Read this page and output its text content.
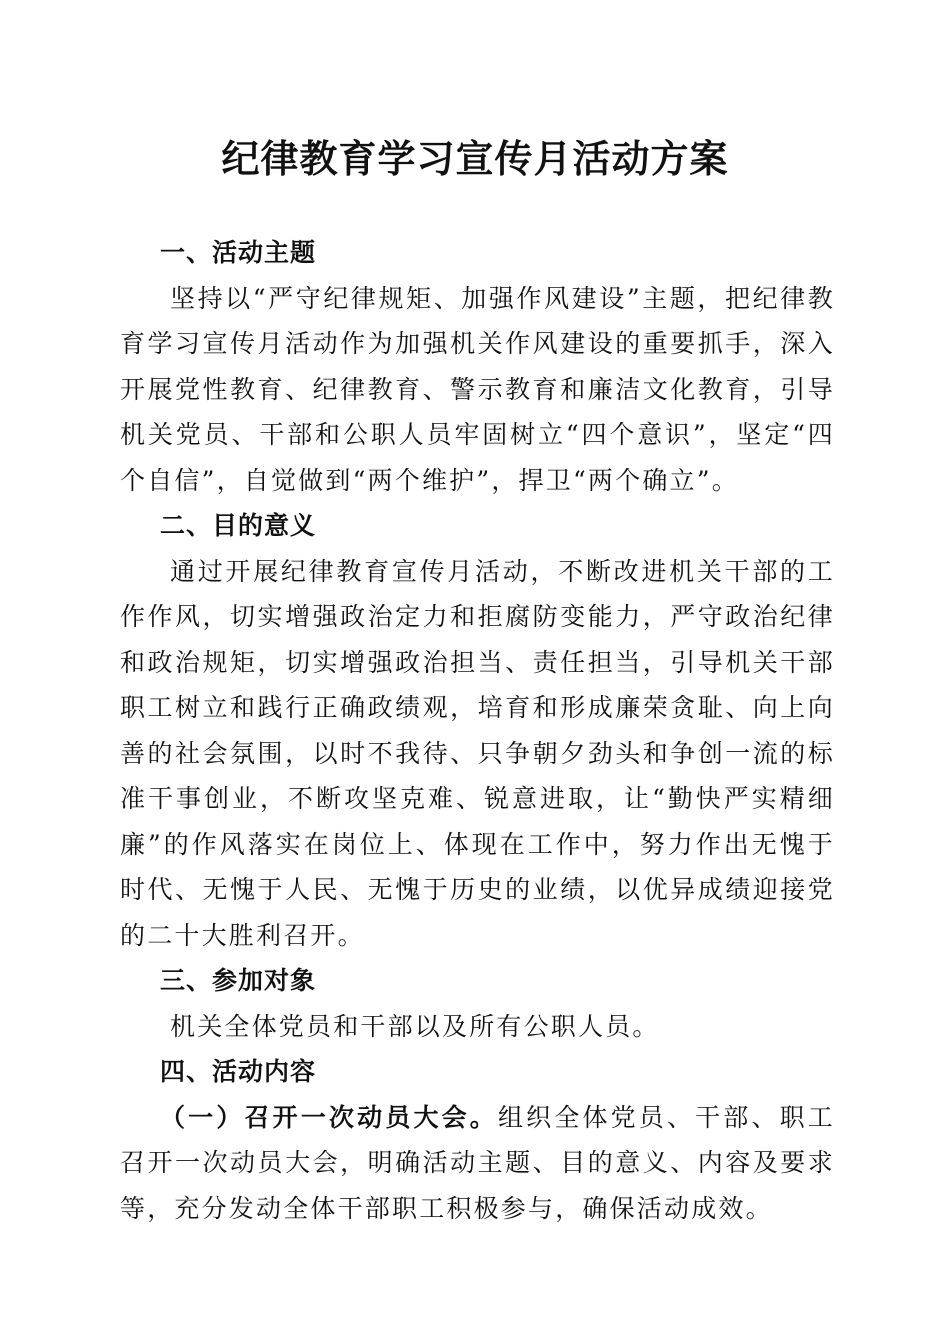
纪律教育学习宣传月活动方案
一、活动主题

坚持以“严守纪律规矩、加强作风建设”主题，把纪律教育学习宣传月活动作为加强机关作风建设的重要抓手，深入开展党性教育、纪律教育、警示教育和廉洁文化教育，引导机关党员、干部和公职人员牢固树立“四个意识”，坚定“四个自信”，自觉做到“两个维护”，捍卫“两个确立”。

二、目的意义

通过开展纪律教育宣传月活动，不断改进机关干部的工作作风，切实增强政治定力和拒腐防变能力，严守政治纪律和政治规矩，切实增强政治担当、责任担当，引导机关干部职工树立和践行正确政绩观，培育和形成廉荣贪耻、向上向善的社会氛围，以时不我待、只争朝夕劲头和争创一流的标准干事创业，不断攻坚克难、锐意进取，让“勤快严实精细廉”的作风落实在岗位上、体现在工作中，努力作出无愧于时代、无愧于人民、无愧于历史的业绩，以优异成绩迎接党的二十大胜利召开。

三、参加对象

机关全体党员和干部以及所有公职人员。

四、活动内容

（一）召开一次动员大会。组织全体党员、干部、职工召开一次动员大会，明确活动主题、目的意义、内容及要求等，充分发动全体干部职工积极参与，确保活动成效。
